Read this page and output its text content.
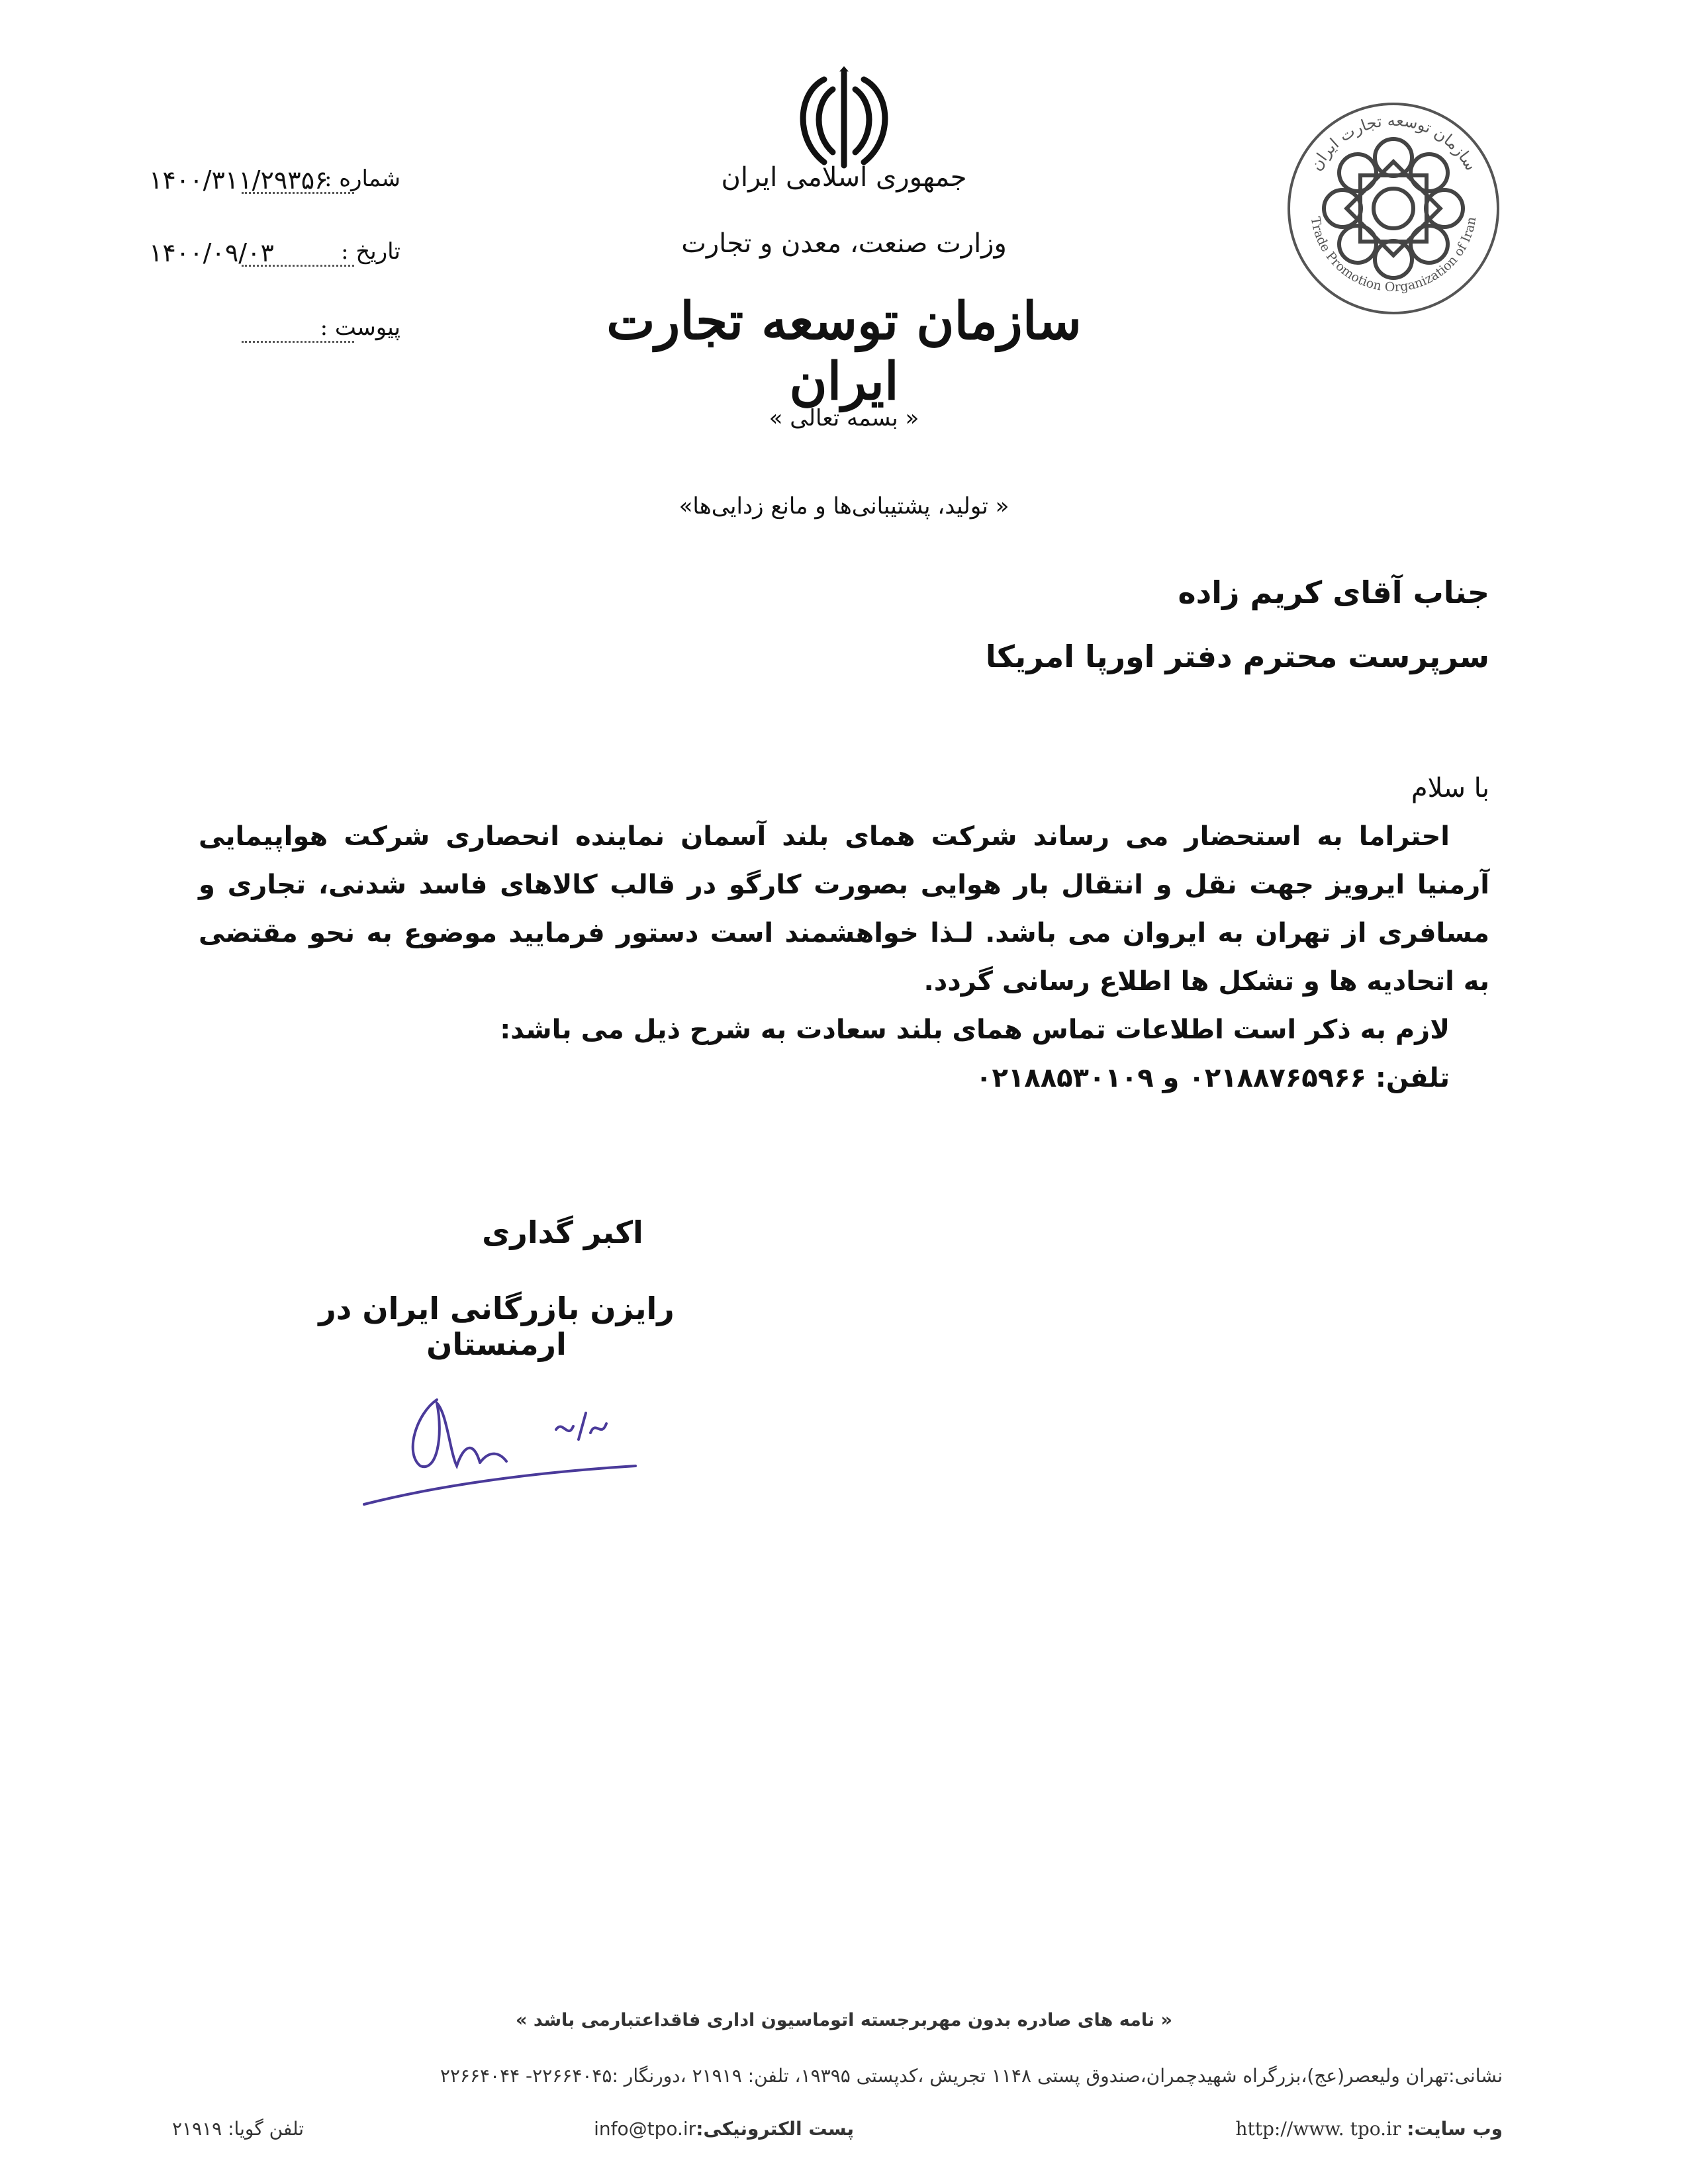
جمهوری اسلامی ایران
وزارت صنعت، معدن و تجارت
سازمان توسعه تجارت ایران
سازمان توسعه تجارت ایران
Trade Promotion Organization of Iran
شماره :
۱۴۰۰/۳۱۱/۲۹۳۵۶
تاریخ :
۱۴۰۰/۰۹/۰۳
پیوست :
« بسمه تعالی »
« تولید، پشتیبانی‌ها و مانع زدایی‌ها»
جناب آقای کریم زاده
سرپرست محترم دفتر اورپا امریکا
با سلام
احتراما به استحضار می رساند شرکت همای بلند آسمان نماینده انحصاری شرکت هواپیمایی آرمنیا ایرویز جهت نقل و انتقال بار هوایی بصورت کارگو در قالب کالاهای فاسد شدنی، تجاری و مسافری از تهران به ایروان می باشد. لـذا خواهشمند است دستور فرمایید موضوع به نحو مقتضی به اتحادیه ها و تشکل ها اطلاع رسانی گردد.
لازم به ذکر است اطلاعات تماس همای بلند سعادت به شرح ذیل می باشد:
تلفن: ۰۲۱۸۸۷۶۵۹۶۶ و ۰۲۱۸۸۵۳۰۱۰۹
اکبر گداری
رایزن بازرگانی ایران در ارمنستان
« نامه های صادره بدون مهربرجسته اتوماسیون اداری فاقداعتبارمی باشد »
نشانی:تهران ولیعصر(عج)،بزرگراه شهیدچمران،صندوق پستی ۱۱۴۸ تجریش ،کدپستی ۱۹۳۹۵، تلفن: ۲۱۹۱۹ ،دورنگار :۲۲۶۶۴۰۴۵- ۲۲۶۶۴۰۴۴
وب سایت: http://www. tpo.ir
پست الکترونیکی:info@tpo.ir
تلفن گویا: ۲۱۹۱۹
